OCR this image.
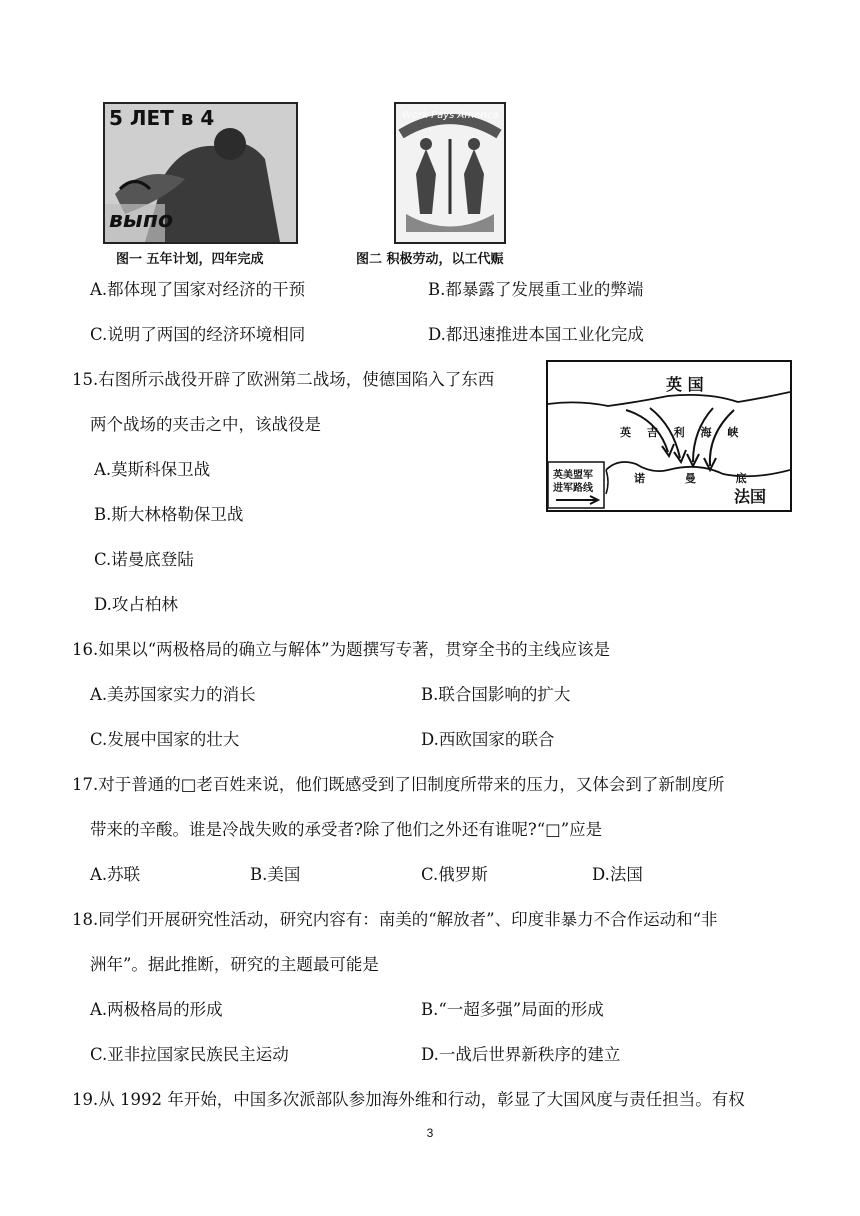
5 ЛЕТ в 4
выпо
图一 五年计划，四年完成
Work Pays America
图二 积极劳动，以工代赈
A.都体现了国家对经济的干预	B.都暴露了发展重工业的弊端
C.说明了两国的经济环境相同	D.都迅速推进本国工业化完成
15.右图所示战役开辟了欧洲第二战场，使德国陷入了东西
两个战场的夹击之中，该战役是
A.莫斯科保卫战
B.斯大林格勒保卫战
C.诺曼底登陆
D.攻占柏林
英 国
英 吉 利 海 峡
诺 曼 底
法国
英美盟军
进军路线
16.如果以“两极格局的确立与解体”为题撰写专著，贯穿全书的主线应该是
A.美苏国家实力的消长	B.联合国影响的扩大
C.发展中国家的壮大	D.西欧国家的联合
17.对于普通的□老百姓来说，他们既感受到了旧制度所带来的压力，又体会到了新制度所
带来的辛酸。谁是冷战失败的承受者?除了他们之外还有谁呢?“□”应是
A.苏联	B.美国	C.俄罗斯	D.法国
18.同学们开展研究性活动，研究内容有：南美的“解放者”、印度非暴力不合作运动和“非
洲年”。据此推断，研究的主题最可能是
A.两极格局的形成	B.“一超多强”局面的形成
C.亚非拉国家民族民主运动	D.一战后世界新秩序的建立
19.从 1992 年开始，中国多次派部队参加海外维和行动，彰显了大国风度与责任担当。有权
3
